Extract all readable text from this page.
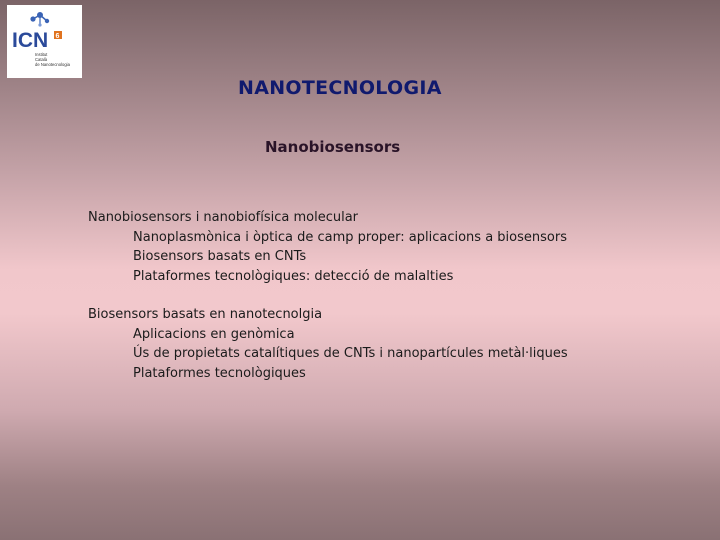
ICN 6
Institut
Català
de Nanotecnologia
NANOTECNOLOGIA
Nanobiosensors
Nanobiosensors i nanobiofísica molecular
Nanoplasmònica i òptica de camp proper: aplicacions a biosensors
Biosensors basats en CNTs
Plataformes tecnològiques: detecció de malalties
Biosensors basats en nanotecnolgia
Aplicacions en genòmica
Ús de propietats catalítiques de CNTs i nanopartícules metàl·liques
Plataformes tecnològiques
